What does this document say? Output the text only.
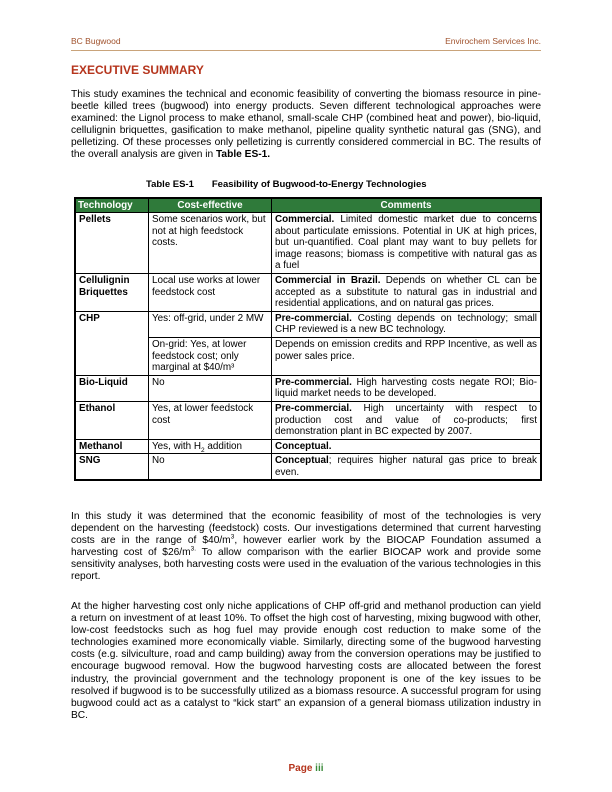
BC Bugwood	Envirochem Services Inc.
EXECUTIVE SUMMARY

This study examines the technical and economic feasibility of converting the biomass resource in pine-beetle killed trees (bugwood) into energy products. Seven different technological approaches were examined: the Lignol process to make ethanol, small-scale CHP (combined heat and power), bio-liquid, cellulignin briquettes, gasification to make methanol, pipeline quality synthetic natural gas (SNG), and pelletizing. Of these processes only pelletizing is currently considered commercial in BC. The results of the overall analysis are given in Table ES-1.

Table ES-1 Feasibility of Bugwood-to-Energy Technologies
Technology	Cost-effective	Comments
Pellets	Some scenarios work, but not at high feedstock costs.	Commercial. Limited domestic market due to concerns about particulate emissions. Potential in UK at high prices, but un-quantified. Coal plant may want to buy pellets for image reasons; biomass is competitive with natural gas as a fuel
Cellulignin Briquettes	Local use works at lower feedstock cost	Commercial in Brazil. Depends on whether CL can be accepted as a substitute to natural gas in industrial and residential applications, and on natural gas prices.
CHP	Yes: off-grid, under 2 MW	Pre-commercial. Costing depends on technology; small CHP reviewed is a new BC technology.
	On-grid: Yes, at lower feedstock cost; only marginal at $40/m³	Depends on emission credits and RPP Incentive, as well as power sales price.
Bio-Liquid	No	Pre-commercial. High harvesting costs negate ROI; Bio-liquid market needs to be developed.
Ethanol	Yes, at lower feedstock cost	Pre-commercial. High uncertainty with respect to production cost and value of co-products; first demonstration plant in BC expected by 2007.
Methanol	Yes, with $H_2$ addition	Conceptual.
SNG	No	Conceptual; requires higher natural gas price to break even.

In this study it was determined that the economic feasibility of most of the technologies is very dependent on the harvesting (feedstock) costs. Our investigations determined that current harvesting costs are in the range of $\$40/m^3$, however earlier work by the BIOCAP Foundation assumed a harvesting cost of $\$26/m^{3.}$ To allow comparison with the earlier BIOCAP work and provide some sensitivity analyses, both harvesting costs were used in the evaluation of the various technologies in this report.

At the higher harvesting cost only niche applications of CHP off-grid and methanol production can yield a return on investment of at least 10%. To offset the high cost of harvesting, mixing bugwood with other, low-cost feedstocks such as hog fuel may provide enough cost reduction to make some of the technologies examined more economically viable. Similarly, directing some of the bugwood harvesting costs (e.g. silviculture, road and camp building) away from the conversion operations may be justified to encourage bugwood removal. How the bugwood harvesting costs are allocated between the forest industry, the provincial government and the technology proponent is one of the key issues to be resolved if bugwood is to be successfully utilized as a biomass resource. A successful program for using bugwood could act as a catalyst to “kick start” an expansion of a general biomass utilization industry in BC.

Page iii
